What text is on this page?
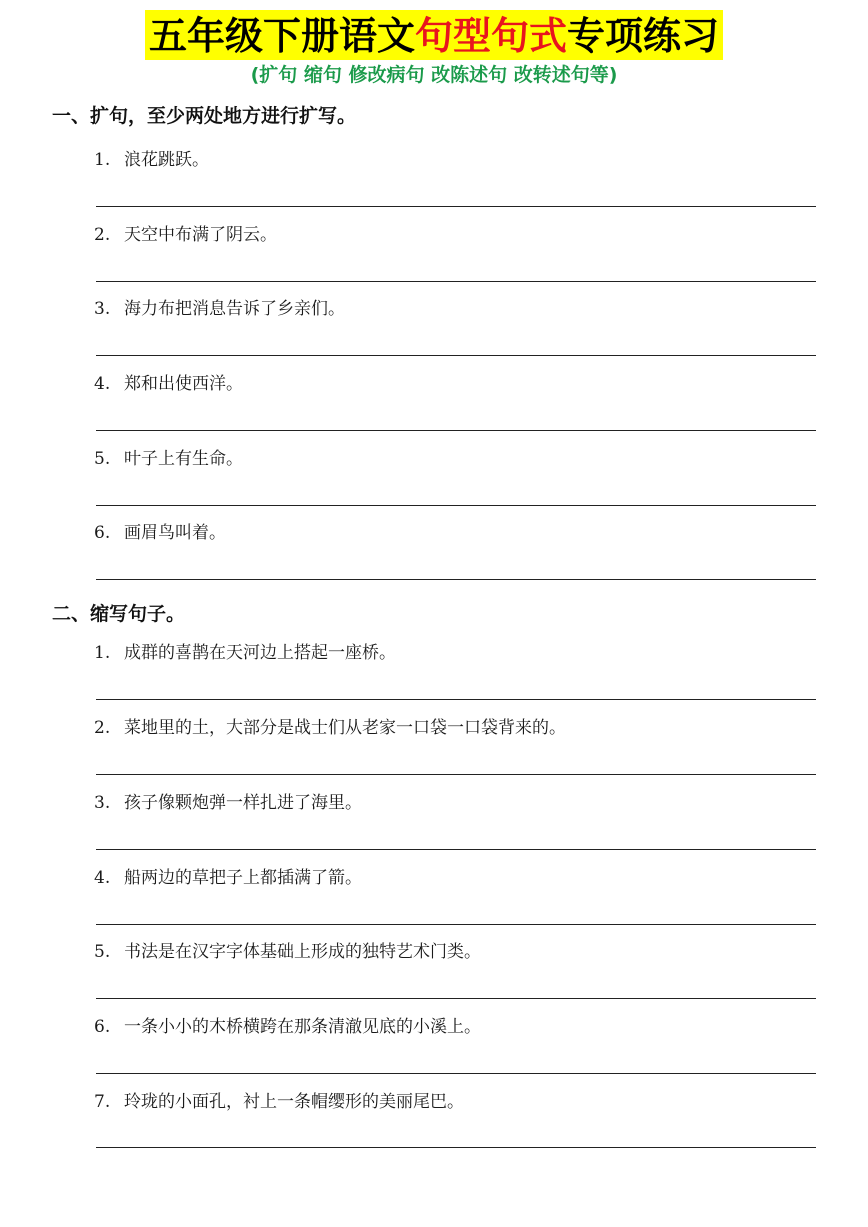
五年级下册语文句型句式专项练习
(扩句 缩句 修改病句 改陈述句 改转述句等)
一、扩句，至少两处地方进行扩写。
1. 浪花跳跃。
2. 天空中布满了阴云。
3. 海力布把消息告诉了乡亲们。
4. 郑和出使西洋。
5. 叶子上有生命。
6. 画眉鸟叫着。
二、缩写句子。
1. 成群的喜鹊在天河边上搭起一座桥。
2. 菜地里的土，大部分是战士们从老家一口袋一口袋背来的。
3. 孩子像颗炮弹一样扎进了海里。
4. 船两边的草把子上都插满了箭。
5. 书法是在汉字字体基础上形成的独特艺术门类。
6. 一条小小的木桥横跨在那条清澈见底的小溪上。
7. 玲珑的小面孔，衬上一条帽缨形的美丽尾巴。
